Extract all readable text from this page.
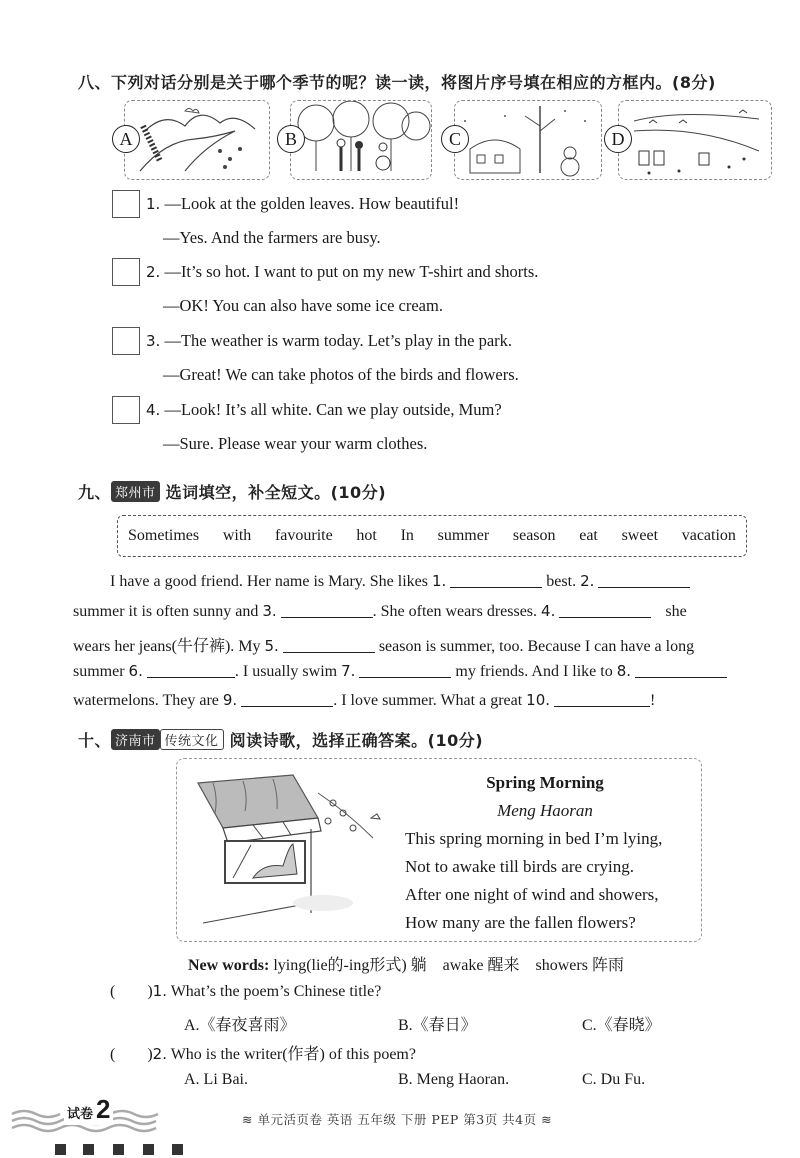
八、下列对话分别是关于哪个季节的呢？读一读，将图片序号填在相应的方框内。(8分)
A	B	C	D
1. —Look at the golden leaves. How beautiful!
—Yes. And the farmers are busy.
2. —It’s so hot. I want to put on my new T-shirt and shorts.
—OK! You can also have some ice cream.
3. —The weather is warm today. Let’s play in the park.
—Great! We can take photos of the birds and flowers.
4. —Look! It’s all white. Can we play outside, Mum?
—Sure. Please wear your warm clothes.
九、 郑州市 选词填空，补全短文。(10分)
Sometimes with favourite hot In summer season eat sweet vacation
I have a good friend. Her name is Mary. She likes 1.	best. 2.
summer it is often sunny and 3.	. She often wears dresses. 4.	she
wears her jeans(牛仔裤). My 5.	season is summer, too. Because I can have a long
summer 6.	. I usually swim 7.	my friends. And I like to 8.
watermelons. They are 9.	. I love summer. What a great 10.	!
十、 济南市 传统文化 阅读诗歌，选择正确答案。(10分)
Spring Morning
Meng Haoran
This spring morning in bed I’m lying,
Not to awake till birds are crying.
After one night of wind and showers,
How many are the fallen flowers?
New words: lying(lie的-ing形式) 躺    awake 醒来    showers 阵雨
(        )1. What’s the poem’s Chinese title?
A.《春夜喜雨》	B.《春日》	C.《春晓》
(        )2. Who is the writer(作者) of this poem?
A. Li Bai.	B. Meng Haoran.	C. Du Fu.
试卷 2	≋ 单元活页卷 英语 五年级 下册 PEP 第3页 共4页 ≋
